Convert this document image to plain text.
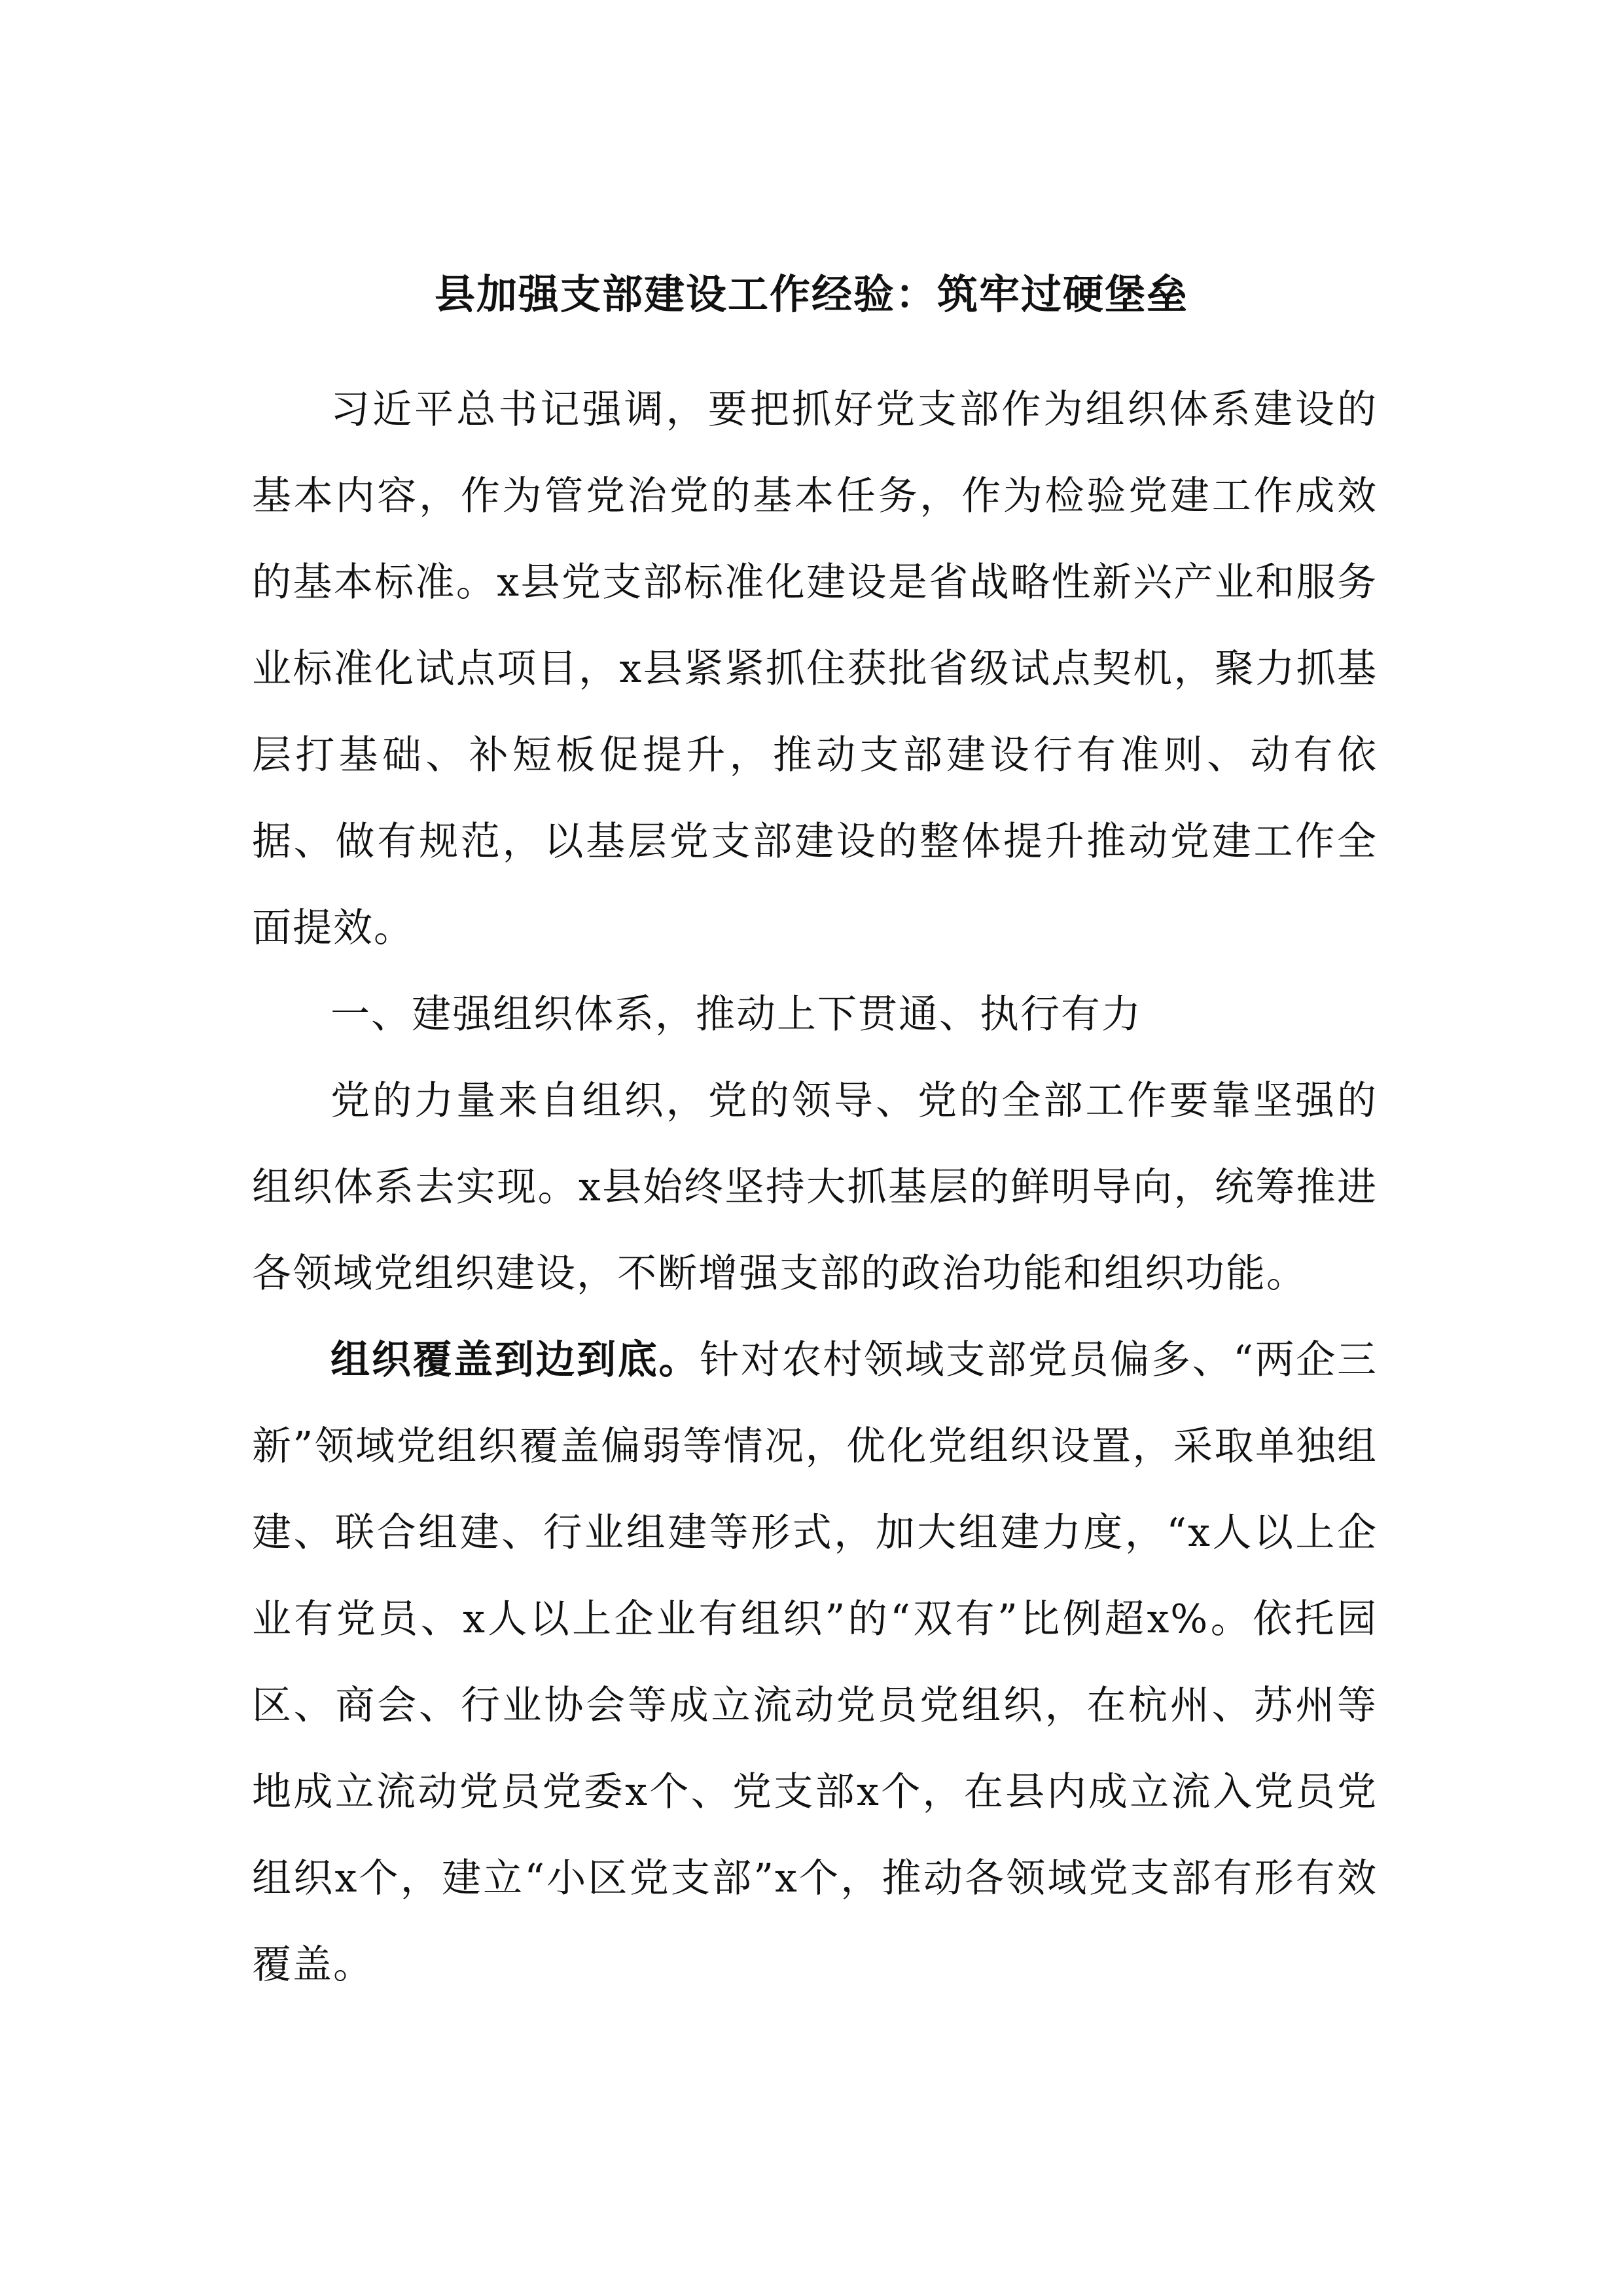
县加强支部建设工作经验：筑牢过硬堡垒

习近平总书记强调，要把抓好党支部作为组织体系建设的基本内容，作为管党治党的基本任务，作为检验党建工作成效的基本标准。x县党支部标准化建设是省战略性新兴产业和服务业标准化试点项目，x县紧紧抓住获批省级试点契机，聚力抓基层打基础、补短板促提升，推动支部建设行有准则、动有依据、做有规范，以基层党支部建设的整体提升推动党建工作全面提效。

一、建强组织体系，推动上下贯通、执行有力

党的力量来自组织，党的领导、党的全部工作要靠坚强的组织体系去实现。x县始终坚持大抓基层的鲜明导向，统筹推进各领域党组织建设，不断增强支部的政治功能和组织功能。

组织覆盖到边到底。针对农村领域支部党员偏多、“两企三新”领域党组织覆盖偏弱等情况，优化党组织设置，采取单独组建、联合组建、行业组建等形式，加大组建力度，“x人以上企业有党员、x人以上企业有组织”的“双有”比例超x%。依托园区、商会、行业协会等成立流动党员党组织，在杭州、苏州等地成立流动党员党委x个、党支部x个，在县内成立流入党员党组织x个，建立“小区党支部”x个，推动各领域党支部有形有效覆盖。
